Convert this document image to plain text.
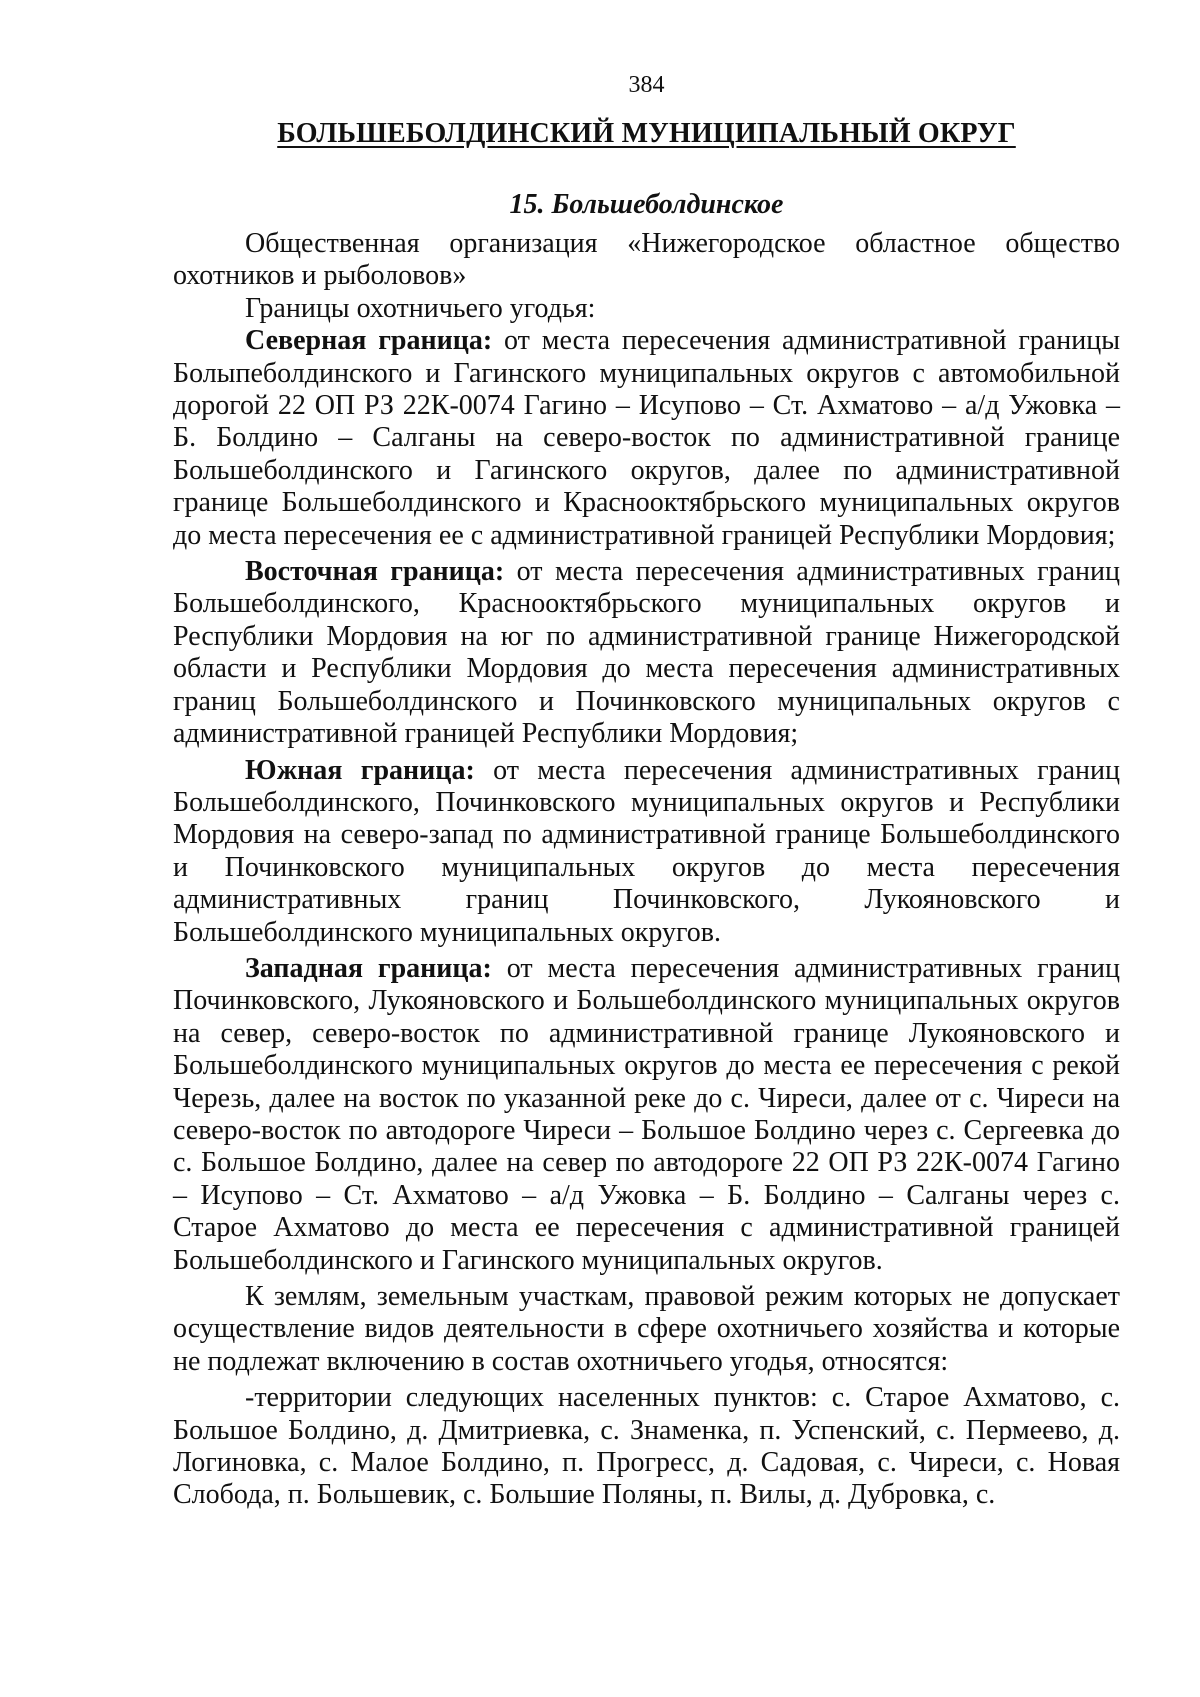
384
БОЛЬШЕБОЛДИНСКИЙ МУНИЦИПАЛЬНЫЙ ОКРУГ
15. Большеболдинское

Общественная организация «Нижегородское областное общество охотников и рыболовов»

Границы охотничьего угодья:

Северная граница: от места пересечения административной границы Болыпеболдинского и Гагинского муниципальных округов с автомобильной дорогой 22 ОП РЗ 22К-0074 Гагино – Исупово – Ст. Ахматово – а/д Ужовка – Б. Болдино – Салганы на северо-восток по административной границе Большеболдинского и Гагинского округов, далее по административной границе Большеболдинского и Краснооктябрьского муниципальных округов до места пересечения ее с административной границей Республики Мордовия;

Восточная граница: от места пересечения административных границ Большеболдинского, Краснооктябрьского муниципальных округов и Республики Мордовия на юг по административной границе Нижегородской области и Республики Мордовия до места пересечения административных границ Большеболдинского и Починковского муниципальных округов с административной границей Республики Мордовия;

Южная граница: от места пересечения административных границ Большеболдинского, Починковского муниципальных округов и Республики Мордовия на северо-запад по административной границе Большеболдинского и Починковского муниципальных округов до места пересечения административных границ Починковского, Лукояновского и Большеболдинского муниципальных округов.

Западная граница: от места пересечения административных границ Починковского, Лукояновского и Большеболдинского муниципальных округов на север, северо-восток по административной границе Лукояновского и Большеболдинского муниципальных округов до места ее пересечения с рекой Черезь, далее на восток по указанной реке до с. Чиреси, далее от с. Чиреси на северо-восток по автодороге Чиреси – Большое Болдино через с. Сергеевка до с. Большое Болдино, далее на север по автодороге 22 ОП РЗ 22К-0074 Гагино – Исупово – Ст. Ахматово – а/д Ужовка – Б. Болдино – Салганы через с. Старое Ахматово до места ее пересечения с административной границей Большеболдинского и Гагинского муниципальных округов.

К землям, земельным участкам, правовой режим которых не допускает осуществление видов деятельности в сфере охотничьего хозяйства и которые не подлежат включению в состав охотничьего угодья, относятся:

-территории следующих населенных пунктов: с. Старое Ахматово, с. Большое Болдино, д. Дмитриевка, с. Знаменка, п. Успенский, с. Пермеево, д. Логиновка, с. Малое Болдино, п. Прогресс, д. Садовая, с. Чиреси, с. Новая Слобода, п. Большевик, с. Большие Поляны, п. Вилы, д. Дубровка, с.
